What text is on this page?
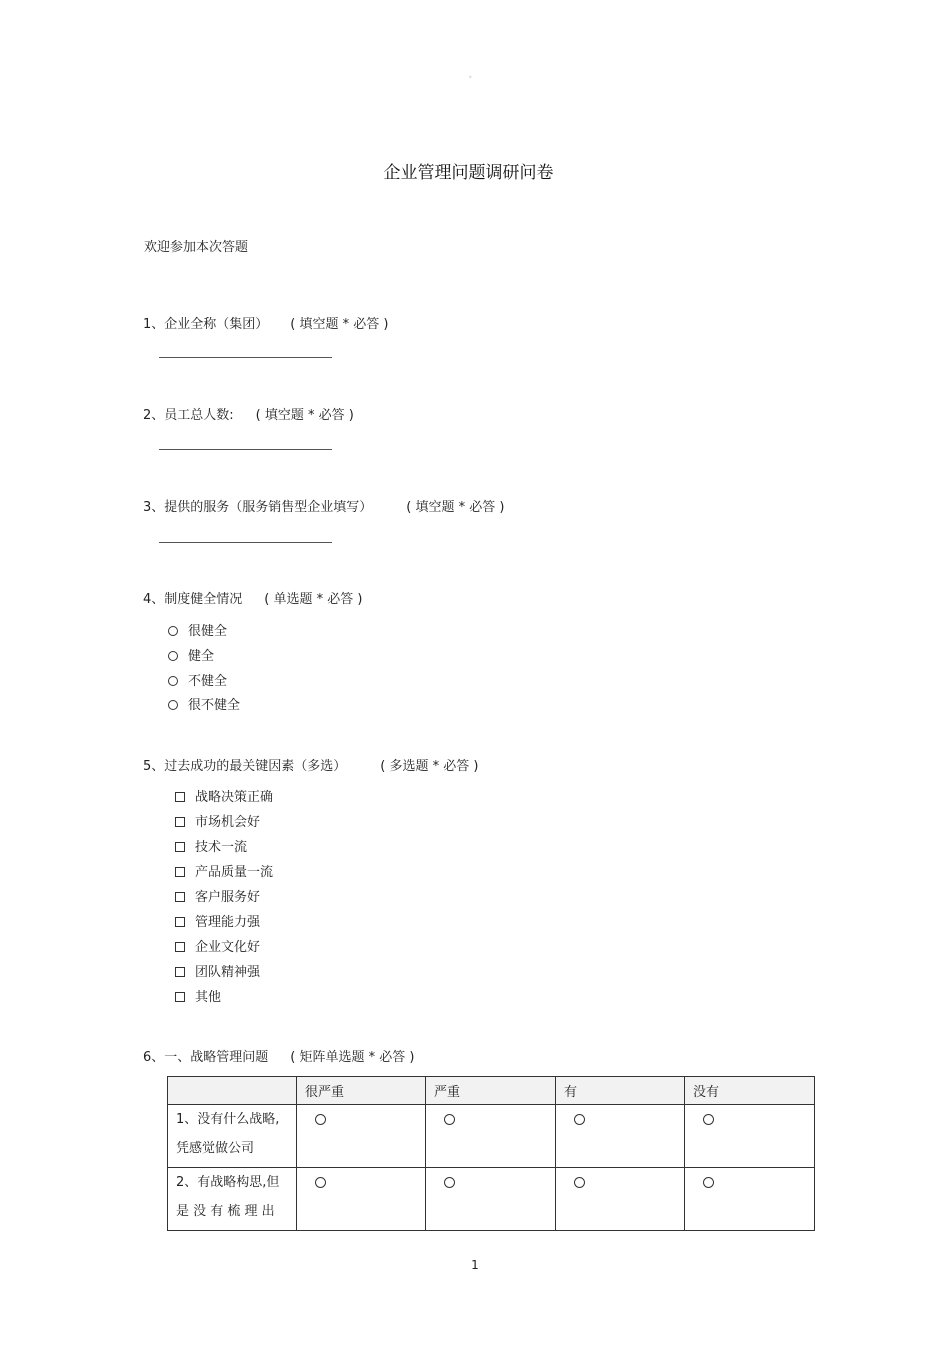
。
企业管理问题调研问卷
欢迎参加本次答题
1、企业全称（集团） ( 填空题 * 必答 )
2、员工总人数: ( 填空题 * 必答 )
3、提供的服务（服务销售型企业填写）	( 填空题 * 必答 )
4、制度健全情况 ( 单选题 * 必答 )
很健全
健全
不健全
很不健全
5、过去成功的最关键因素（多选）	( 多选题 * 必答 )
战略决策正确
市场机会好
技术一流
产品质量一流
客户服务好
管理能力强
企业文化好
团队精神强
其他
6、一、战略管理问题 ( 矩阵单选题 * 必答 )
	很严重	严重	有	没有
1、没有什么战略,凭感觉做公司				
2、有战略构思,但 是 没 有 梳 理 出				
1
